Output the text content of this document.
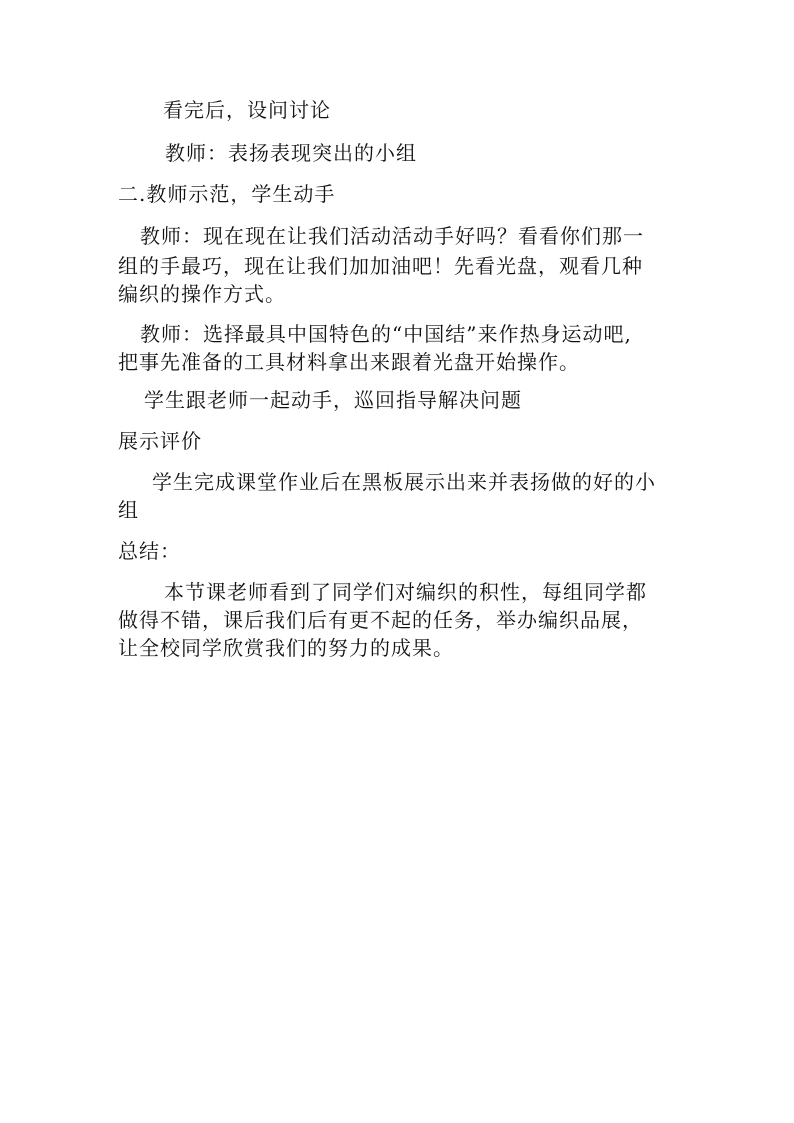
看完后，设问讨论

教师：表扬表现突出的小组

二.教师示范，学生动手

教师：现在现在让我们活动活动手好吗？看看你们那一

组的手最巧，现在让我们加加油吧！先看光盘，观看几种

编织的操作方式。

教师：选择最具中国特色的“中国结”来作热身运动吧,

把事先准备的工具材料拿出来跟着光盘开始操作。

学生跟老师一起动手，巡回指导解决问题

展示评价

学生完成课堂作业后在黑板展示出来并表扬做的好的小

组

总结：

本节课老师看到了同学们对编织的积性，每组同学都

做得不错，课后我们后有更不起的任务，举办编织品展，

让全校同学欣赏我们的努力的成果。
